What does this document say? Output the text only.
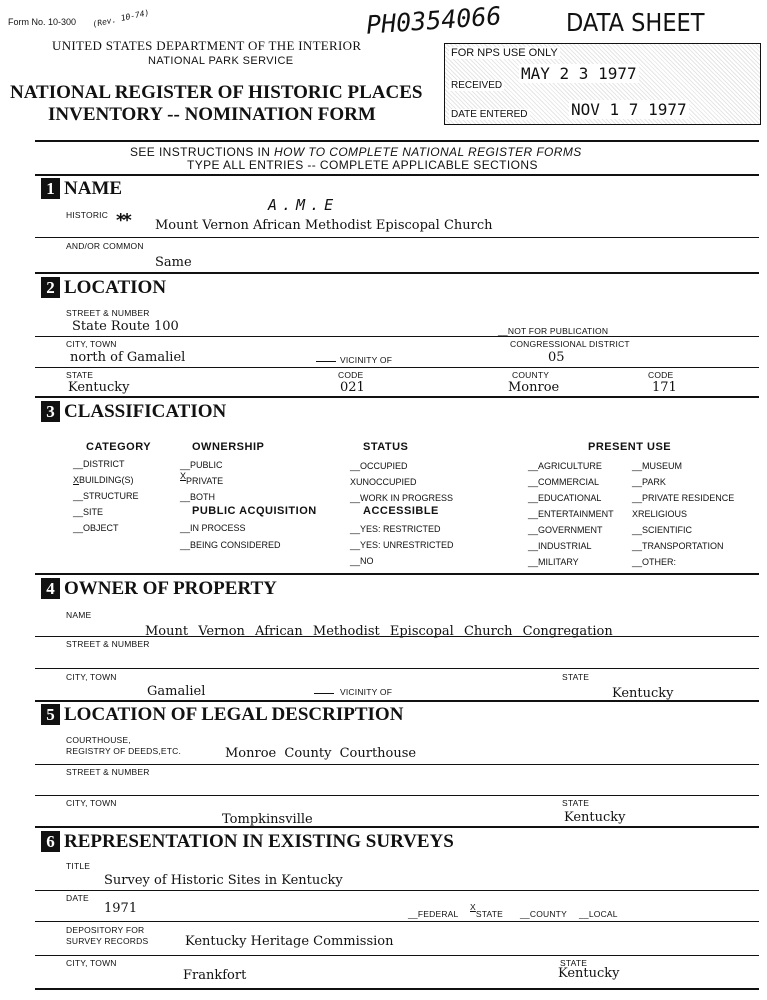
Form No. 10-300 (Rev. 10-74)	PH0354066	DATA SHEET
UNITED STATES DEPARTMENT OF THE INTERIOR
NATIONAL PARK SERVICE
NATIONAL REGISTER OF HISTORIC PLACES
INVENTORY -- NOMINATION FORM
FOR NPS USE ONLY
RECEIVED
MAY 2 3 1977
DATE ENTERED	NOV 1 7 1977
SEE INSTRUCTIONS IN HOW TO COMPLETE NATIONAL REGISTER FORMS
TYPE ALL ENTRIES -- COMPLETE APPLICABLE SECTIONS
1 NAME
HISTORIC **
A.M.E
Mount Vernon African Methodist Episcopal Church
AND/OR COMMON
Same
2 LOCATION
STREET & NUMBER
State Route 100	__NOT FOR PUBLICATION
CITY, TOWN	CONGRESSIONAL DISTRICT
north of Gamaliel	VICINITY OF	05
STATE	CODE	COUNTY	CODE
Kentucky	021	Monroe	171
3 CLASSIFICATION
CATEGORY
__DISTRICT
XBUILDING(S)
__STRUCTURE
__SITE
__OBJECT
OWNERSHIP
__PUBLIC
XPRIVATE
__BOTH
PUBLIC ACQUISITION
__IN PROCESS
__BEING CONSIDERED
STATUS
__OCCUPIED
XUNOCCUPIED
__WORK IN PROGRESS
ACCESSIBLE
__YES: RESTRICTED
__YES: UNRESTRICTED
__NO
PRESENT USE
__AGRICULTURE
__COMMERCIAL
__EDUCATIONAL
__ENTERTAINMENT
__GOVERNMENT
__INDUSTRIAL
__MILITARY
__MUSEUM
__PARK
__PRIVATE RESIDENCE
XRELIGIOUS
__SCIENTIFIC
__TRANSPORTATION
__OTHER:
4 OWNER OF PROPERTY
NAME
Mount Vernon African Methodist Episcopal Church Congregation
STREET & NUMBER
CITY, TOWN	STATE
Gamaliel	VICINITY OF	Kentucky
5 LOCATION OF LEGAL DESCRIPTION
COURTHOUSE,
REGISTRY OF DEEDS,ETC.	Monroe County Courthouse
STREET & NUMBER
CITY, TOWN	STATE
Tompkinsville	Kentucky
6 REPRESENTATION IN EXISTING SURVEYS
TITLE
Survey of Historic Sites in Kentucky
DATE
1971	__FEDERAL
XSTATE __COUNTY __LOCAL
DEPOSITORY FOR
SURVEY RECORDS	Kentucky Heritage Commission
CITY, TOWN	STATE
Frankfort	Kentucky
